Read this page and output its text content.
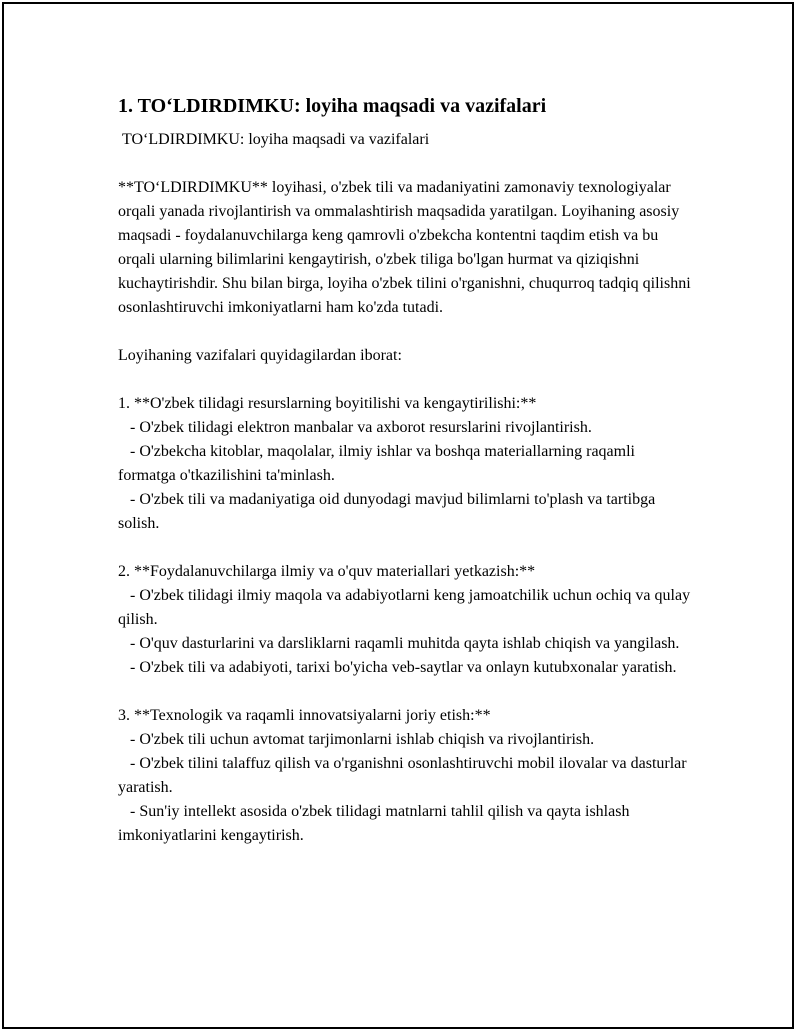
1. TO‘LDIRDIMKU: loyiha maqsadi va vazifalari
TO‘LDIRDIMKU: loyiha maqsadi va vazifalari
**TO‘LDIRDIMKU** loyihasi, o'zbek tili va madaniyatini zamonaviy texnologiyalar orqali yanada rivojlantirish va ommalashtirish maqsadida yaratilgan. Loyihaning asosiy maqsadi - foydalanuvchilarga keng qamrovli o'zbekcha kontentni taqdim etish va bu orqali ularning bilimlarini kengaytirish, o'zbek tiliga bo'lgan hurmat va qiziqishni kuchaytirishdir. Shu bilan birga, loyiha o'zbek tilini o'rganishni, chuqurroq tadqiq qilishni osonlashtiruvchi imkoniyatlarni ham ko'zda tutadi.
Loyihaning vazifalari quyidagilardan iborat:
1. **O'zbek tilidagi resurslarning boyitilishi va kengaytirilishi:**
- O'zbek tilidagi elektron manbalar va axborot resurslarini rivojlantirish.
- O'zbekcha kitoblar, maqolalar, ilmiy ishlar va boshqa materiallarning raqamli formatga o'tkazilishini ta'minlash.
- O'zbek tili va madaniyatiga oid dunyodagi mavjud bilimlarni to'plash va tartibga solish.
2. **Foydalanuvchilarga ilmiy va o'quv materiallari yetkazish:**
- O'zbek tilidagi ilmiy maqola va adabiyotlarni keng jamoatchilik uchun ochiq va qulay qilish.
- O'quv dasturlarini va darsliklarni raqamli muhitda qayta ishlab chiqish va yangilash.
- O'zbek tili va adabiyoti, tarixi bo'yicha veb-saytlar va onlayn kutubxonalar yaratish.
3. **Texnologik va raqamli innovatsiyalarni joriy etish:**
- O'zbek tili uchun avtomat tarjimonlarni ishlab chiqish va rivojlantirish.
- O'zbek tilini talaffuz qilish va o'rganishni osonlashtiruvchi mobil ilovalar va dasturlar yaratish.
- Sun'iy intellekt asosida o'zbek tilidagi matnlarni tahlil qilish va qayta ishlash imkoniyatlarini kengaytirish.
